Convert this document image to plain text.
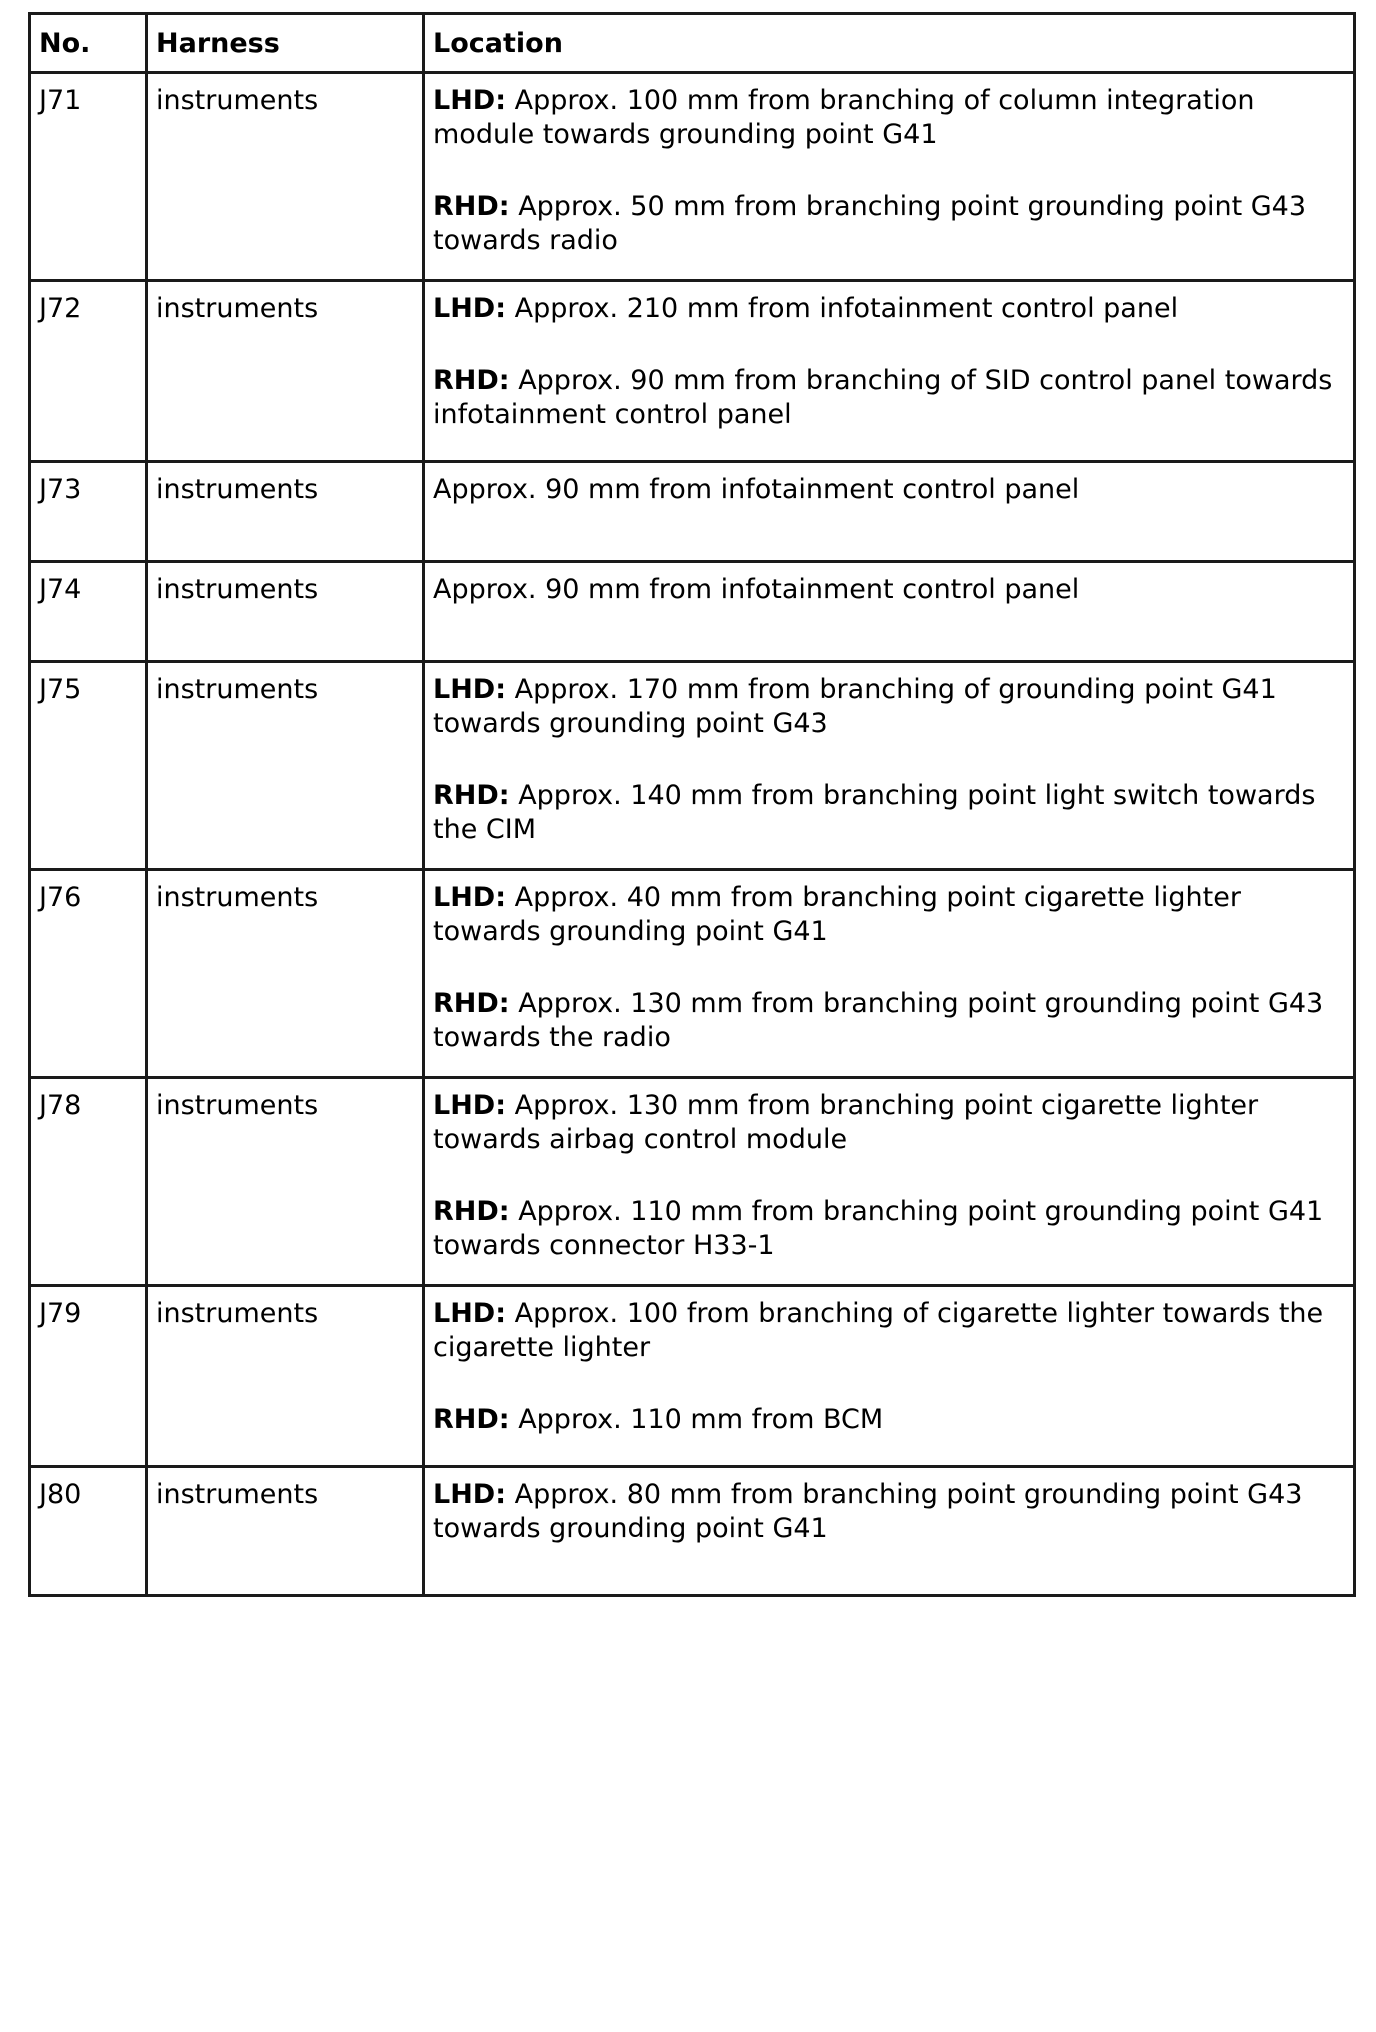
No.	Harness	Location
J71	instruments	LHD: Approx. 100 mm from branching of column integration module towards grounding point G41
RHD: Approx. 50 mm from branching point grounding point G43 towards radio

J72	instruments	LHD: Approx. 210 mm from infotainment control panel
RHD: Approx. 90 mm from branching of SID control panel towards infotainment control panel

J73	instruments	Approx. 90 mm from infotainment control panel

J74	instruments	Approx. 90 mm from infotainment control panel

J75	instruments	LHD: Approx. 170 mm from branching of grounding point G41 towards grounding point G43
RHD: Approx. 140 mm from branching point light switch towards the CIM

J76	instruments	LHD: Approx. 40 mm from branching point cigarette lighter towards grounding point G41
RHD: Approx. 130 mm from branching point grounding point G43 towards the radio

J78	instruments	LHD: Approx. 130 mm from branching point cigarette lighter towards airbag control module
RHD: Approx. 110 mm from branching point grounding point G41 towards connector H33-1

J79	instruments	LHD: Approx. 100 from branching of cigarette lighter towards the cigarette lighter
RHD: Approx. 110 mm from BCM

J80	instruments	LHD: Approx. 80 mm from branching point grounding point G43 towards grounding point G41
